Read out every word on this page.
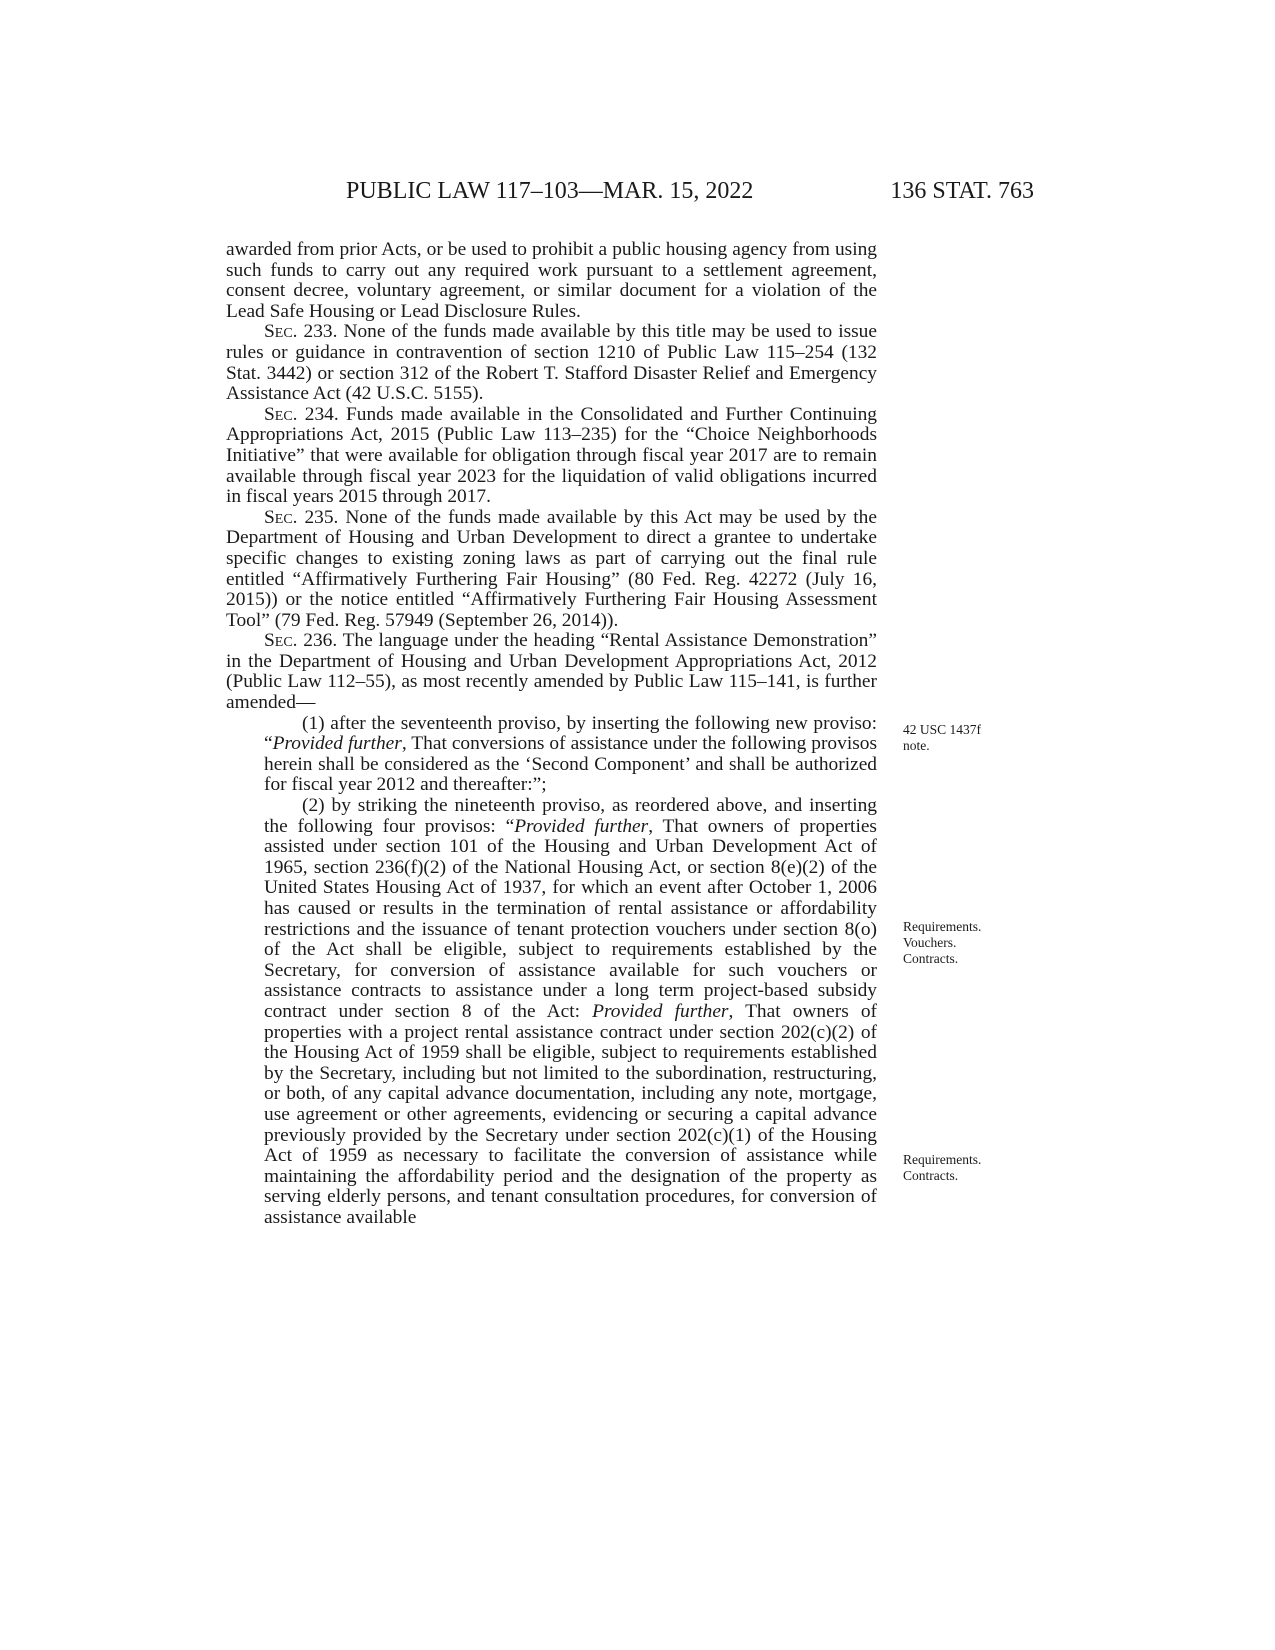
PUBLIC LAW 117–103—MAR. 15, 2022	136 STAT. 763

awarded from prior Acts, or be used to prohibit a public housing agency from using such funds to carry out any required work pursuant to a settlement agreement, consent decree, voluntary agreement, or similar document for a violation of the Lead Safe Housing or Lead Disclosure Rules.

Sec. 233. None of the funds made available by this title may be used to issue rules or guidance in contravention of section 1210 of Public Law 115–254 (132 Stat. 3442) or section 312 of the Robert T. Stafford Disaster Relief and Emergency Assistance Act (42 U.S.C. 5155).

Sec. 234. Funds made available in the Consolidated and Further Continuing Appropriations Act, 2015 (Public Law 113–235) for the “Choice Neighborhoods Initiative” that were available for obligation through fiscal year 2017 are to remain available through fiscal year 2023 for the liquidation of valid obligations incurred in fiscal years 2015 through 2017.

Sec. 235. None of the funds made available by this Act may be used by the Department of Housing and Urban Development to direct a grantee to undertake specific changes to existing zoning laws as part of carrying out the final rule entitled “Affirmatively Furthering Fair Housing” (80 Fed. Reg. 42272 (July 16, 2015)) or the notice entitled “Affirmatively Furthering Fair Housing Assessment Tool” (79 Fed. Reg. 57949 (September 26, 2014)).

Sec. 236. The language under the heading “Rental Assistance Demonstration” in the Department of Housing and Urban Development Appropriations Act, 2012 (Public Law 112–55), as most recently amended by Public Law 115–141, is further amended—

(1) after the seventeenth proviso, by inserting the following new proviso: “Provided further, That conversions of assistance under the following provisos herein shall be considered as the ‘Second Component’ and shall be authorized for fiscal year 2012 and thereafter:”;

(2) by striking the nineteenth proviso, as reordered above, and inserting the following four provisos: “Provided further, That owners of properties assisted under section 101 of the Housing and Urban Development Act of 1965, section 236(f)(2) of the National Housing Act, or section 8(e)(2) of the United States Housing Act of 1937, for which an event after October 1, 2006 has caused or results in the termination of rental assistance or affordability restrictions and the issuance of tenant protection vouchers under section 8(o) of the Act shall be eligible, subject to requirements established by the Secretary, for conversion of assistance available for such vouchers or assistance contracts to assistance under a long term project-based subsidy contract under section 8 of the Act: Provided further, That owners of properties with a project rental assistance contract under section 202(c)(2) of the Housing Act of 1959 shall be eligible, subject to requirements established by the Secretary, including but not limited to the subordination, restructuring, or both, of any capital advance documentation, including any note, mortgage, use agreement or other agreements, evidencing or securing a capital advance previously provided by the Secretary under section 202(c)(1) of the Housing Act of 1959 as necessary to facilitate the conversion of assistance while maintaining the affordability period and the designation of the property as serving elderly persons, and tenant consultation procedures, for conversion of assistance available

42 USC 1437f
note.
Requirements.
Vouchers.
Contracts.
Requirements.
Contracts.
